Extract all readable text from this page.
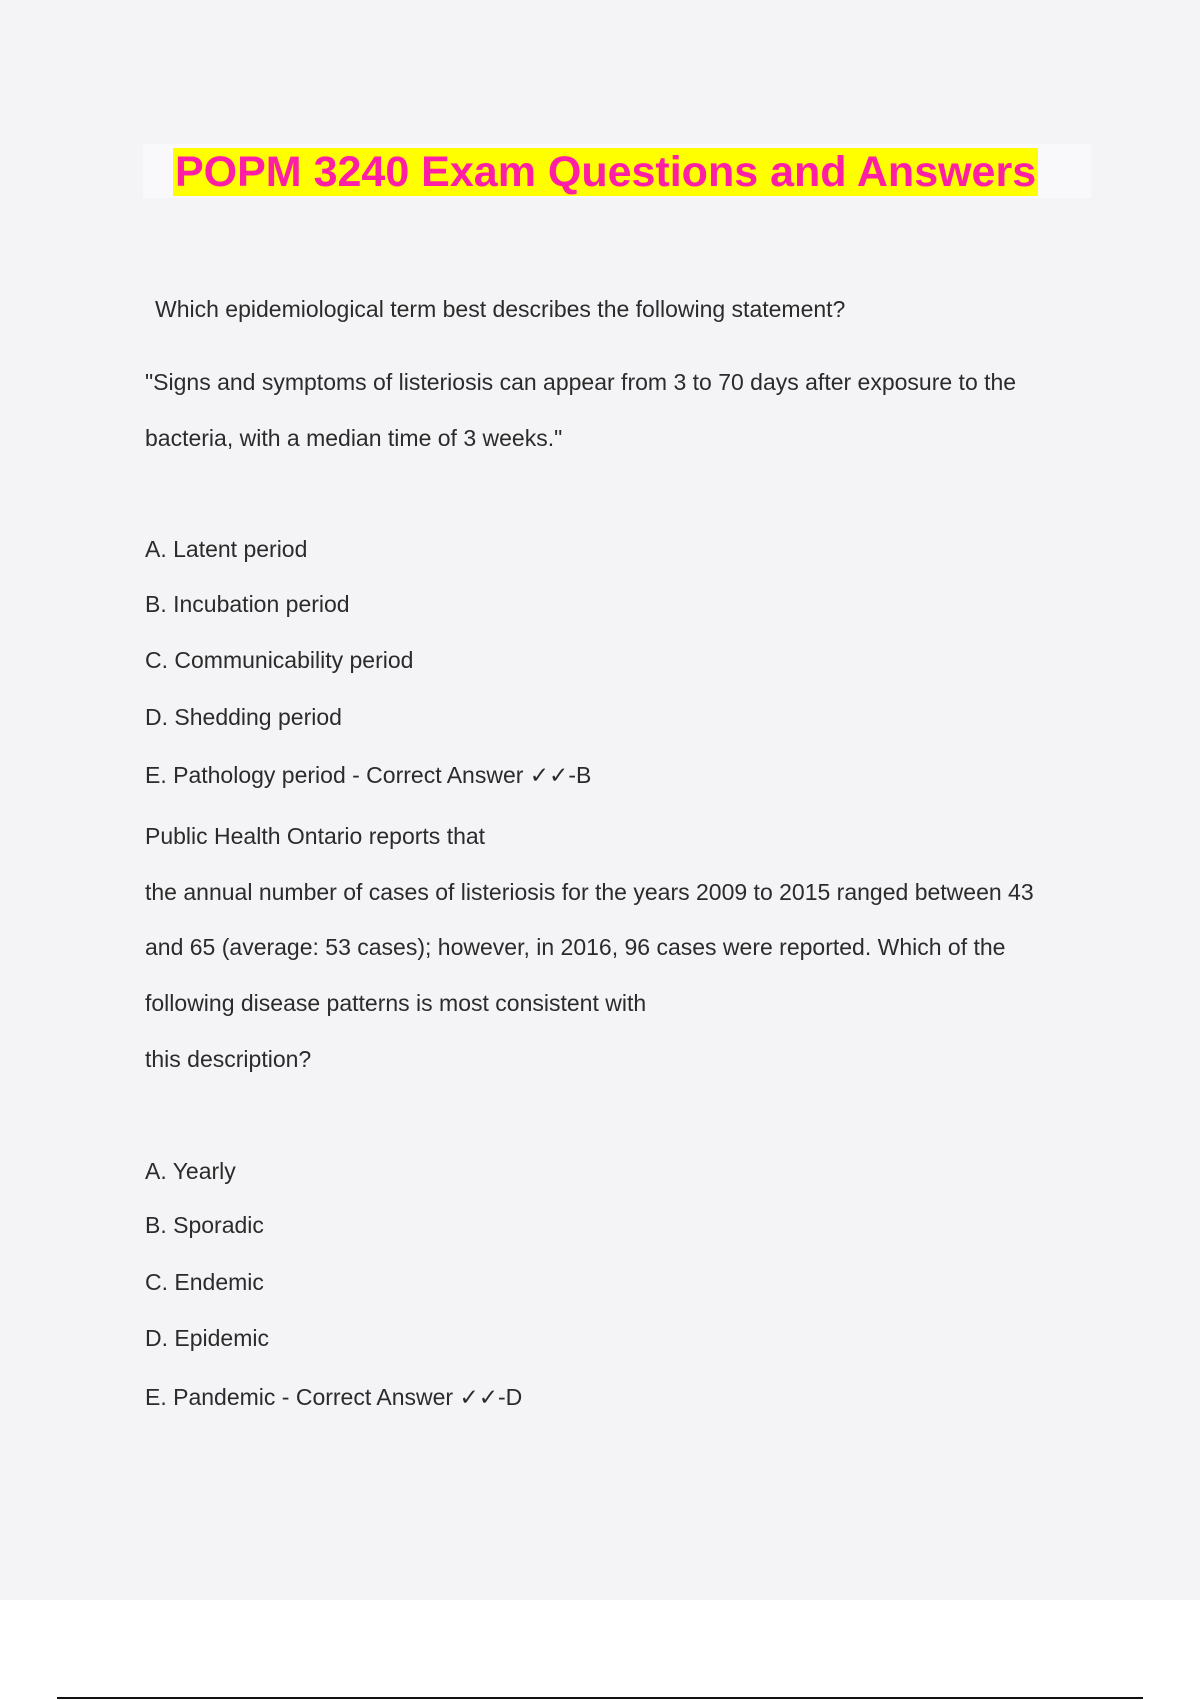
POPM 3240 Exam Questions and Answers
Which epidemiological term best describes the following statement?
"Signs and symptoms of listeriosis can appear from 3 to 70 days after exposure to the
bacteria, with a median time of 3 weeks."
A. Latent period
B. Incubation period
C. Communicability period
D. Shedding period
E. Pathology period - Correct Answer ✓✓-B
Public Health Ontario reports that
the annual number of cases of listeriosis for the years 2009 to 2015 ranged between 43
and 65 (average: 53 cases); however, in 2016, 96 cases were reported. Which of the
following disease patterns is most consistent with
this description?
A. Yearly
B. Sporadic
C. Endemic
D. Epidemic
E. Pandemic - Correct Answer ✓✓-D
